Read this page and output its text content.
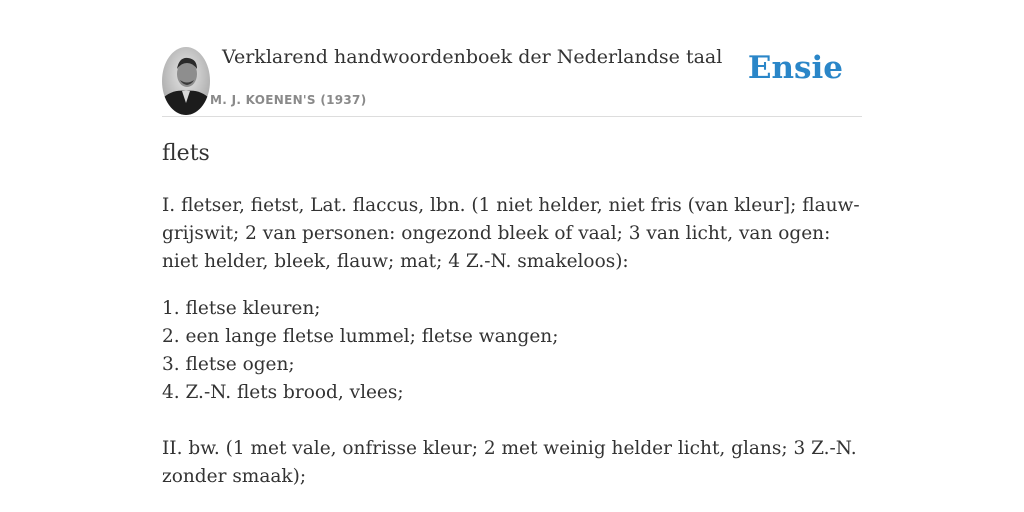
Verklarend handwoordenboek der Nederlandse taal
M. J. KOENEN'S (1937)
Ensie
flets

I. fletser, fietst, Lat. flaccus, lbn. (1 niet helder, niet fris (van kleur]; flauw-grijswit; 2 van personen: ongezond bleek of vaal; 3 van licht, van ogen: niet helder, bleek, flauw; mat; 4 Z.-N. smakeloos):

1. fletse kleuren;
2. een lange fletse lummel; fletse wangen;
3. fletse ogen;
4. Z.-N. flets brood, vlees;

II. bw. (1 met vale, onfrisse kleur; 2 met weinig helder licht, glans; 3 Z.-N. zonder smaak);
